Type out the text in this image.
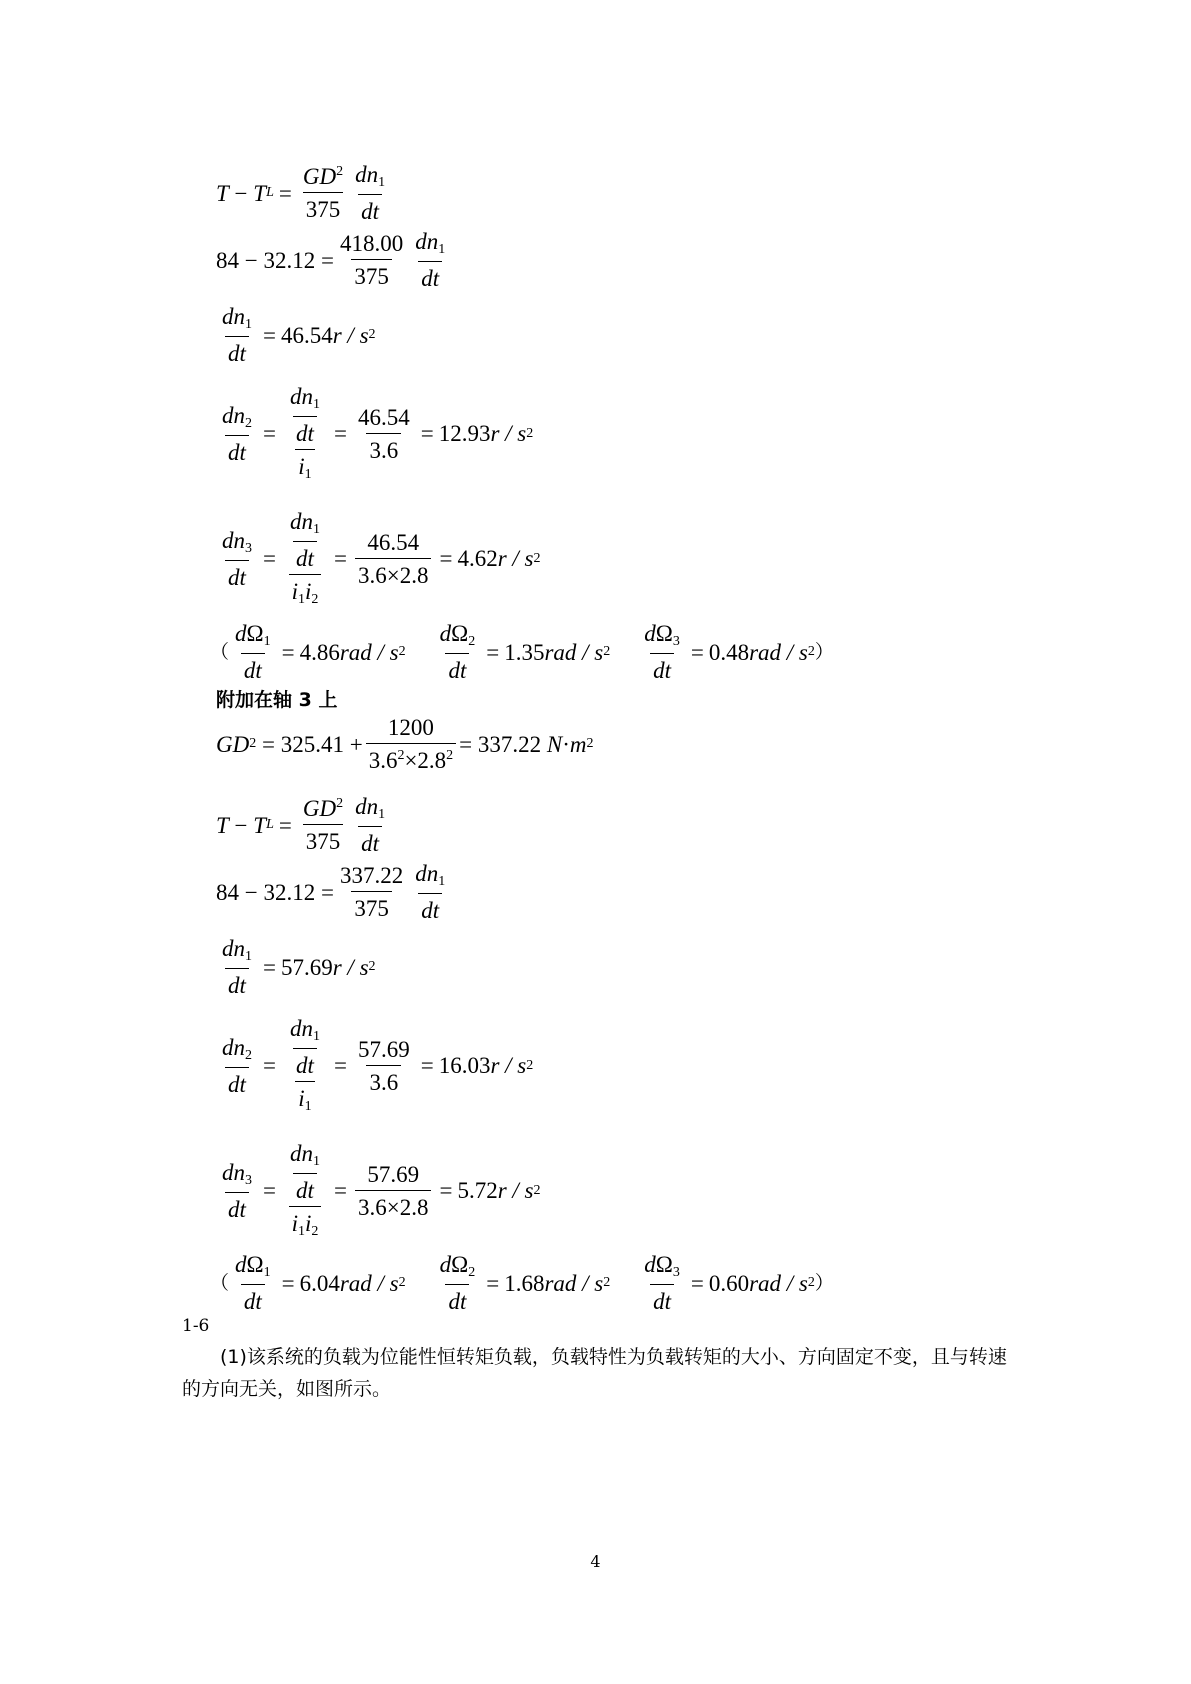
T − T $L = \frac{GD^2}{375} \frac{dn_1}{dt}$
$84 - 32.12 = \frac{418.00}{375} \frac{dn_1}{dt}$
$\frac{dn_1}{dt} = 46.54$ r / s 2
$\frac{dn_2}{dt} = \frac{\frac{dn_1}{dt}}{i_1} = \frac{46.54}{3.6} = 12.93$ r / s 2
$\frac{dn_3}{dt} = \frac{\frac{dn_1}{dt}}{i_1i_2} = \frac{46.54}{3.6\times 2.8} = 4.62$ r / s 2
（ $\frac{d\Omega_1}{dt} = 4.86$ rad / s $2 \frac{d\Omega_2}{dt} = 1.35$ rad / s $2 \frac{d\Omega_3}{dt} = 0.48$ rad / s 2 ）
附加在轴 3 上
GD 2
= $325.41 + \frac{1200}{3.6^2\times 2.8^2} = 337.22$
N · m 2
T − T $L = \frac{GD^2}{375} \frac{dn_1}{dt}$
$84 - 32.12 = \frac{337.22}{375} \frac{dn_1}{dt}$
$\frac{dn_1}{dt} = 57.69$ r / s 2
$\frac{dn_2}{dt} = \frac{\frac{dn_1}{dt}}{i_1} = \frac{57.69}{3.6} = 16.03$ r / s 2
$\frac{dn_3}{dt} = \frac{\frac{dn_1}{dt}}{i_1i_2} = \frac{57.69}{3.6\times 2.8} = 5.72$ r / s 2
（ $\frac{d\Omega_1}{dt} = 6.04$ rad / s $2 \frac{d\Omega_2}{dt} = 1.68$ rad / s $2 \frac{d\Omega_3}{dt} = 0.60$ rad / s 2 ）
1-6
(1)该系统的负载为位能性恒转矩负载，负载特性为负载转矩的大小、方向固定不变，且与转速的方向无关，如图所示。
4
